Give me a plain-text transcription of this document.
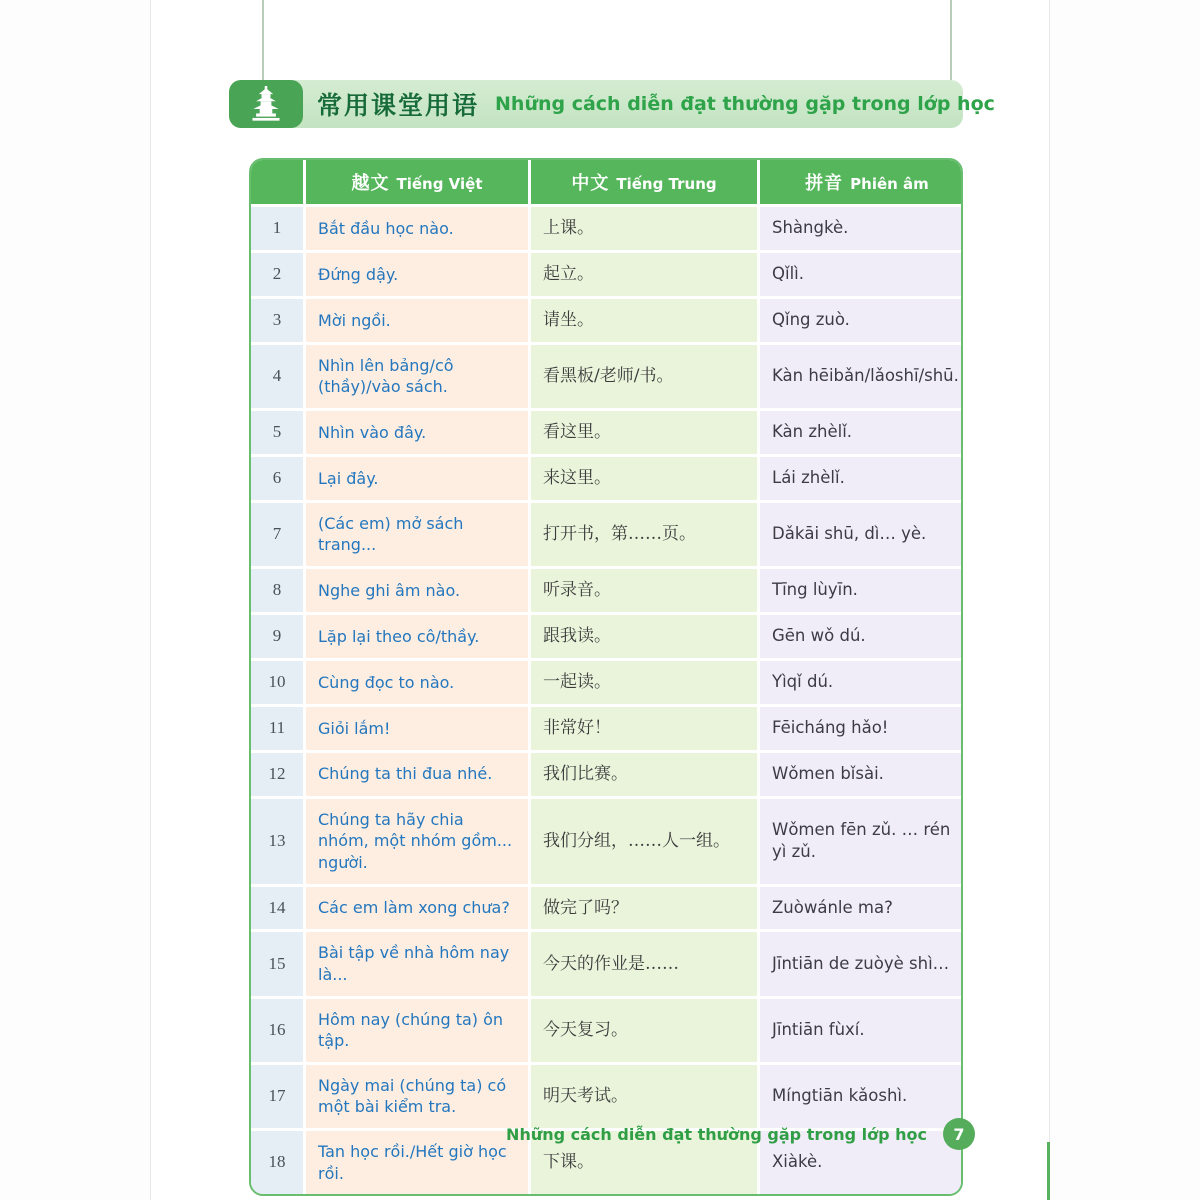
常用课堂用语 Những cách diễn đạt thường gặp trong lớp học
	越文 Tiếng Việt	中文 Tiếng Trung	拼音 Phiên âm
1	Bắt đầu học nào.	上课。	Shàngkè.
2	Đứng dậy.	起立。	Qǐlì.
3	Mời ngồi.	请坐。	Qǐng zuò.
4	Nhìn lên bảng/cô (thầy)/vào sách.	看黑板/老师/书。	Kàn hēibǎn/lǎoshī/shū.
5	Nhìn vào đây.	看这里。	Kàn zhèlǐ.
6	Lại đây.	来这里。	Lái zhèlǐ.
7	(Các em) mở sách trang...	打开书，第……页。	Dǎkāi shū, dì… yè.
8	Nghe ghi âm nào.	听录音。	Tīng lùyīn.
9	Lặp lại theo cô/thầy.	跟我读。	Gēn wǒ dú.
10	Cùng đọc to nào.	一起读。	Yìqǐ dú.
11	Giỏi lắm!	非常好！	Fēicháng hǎo!
12	Chúng ta thi đua nhé.	我们比赛。	Wǒmen bǐsài.
13	Chúng ta hãy chia nhóm, một nhóm gồm... người.	我们分组，……人一组。	Wǒmen fēn zǔ. … rén yì zǔ.
14	Các em làm xong chưa?	做完了吗？	Zuòwánle ma?
15	Bài tập về nhà hôm nay là...	今天的作业是……	Jīntiān de zuòyè shì…
16	Hôm nay (chúng ta) ôn tập.	今天复习。	Jīntiān fùxí.
17	Ngày mai (chúng ta) có một bài kiểm tra.	明天考试。	Míngtiān kǎoshì.
18	Tan học rồi./Hết giờ học rồi.	下课。	Xiàkè.
Những cách diễn đạt thường gặp trong lớp học	7
